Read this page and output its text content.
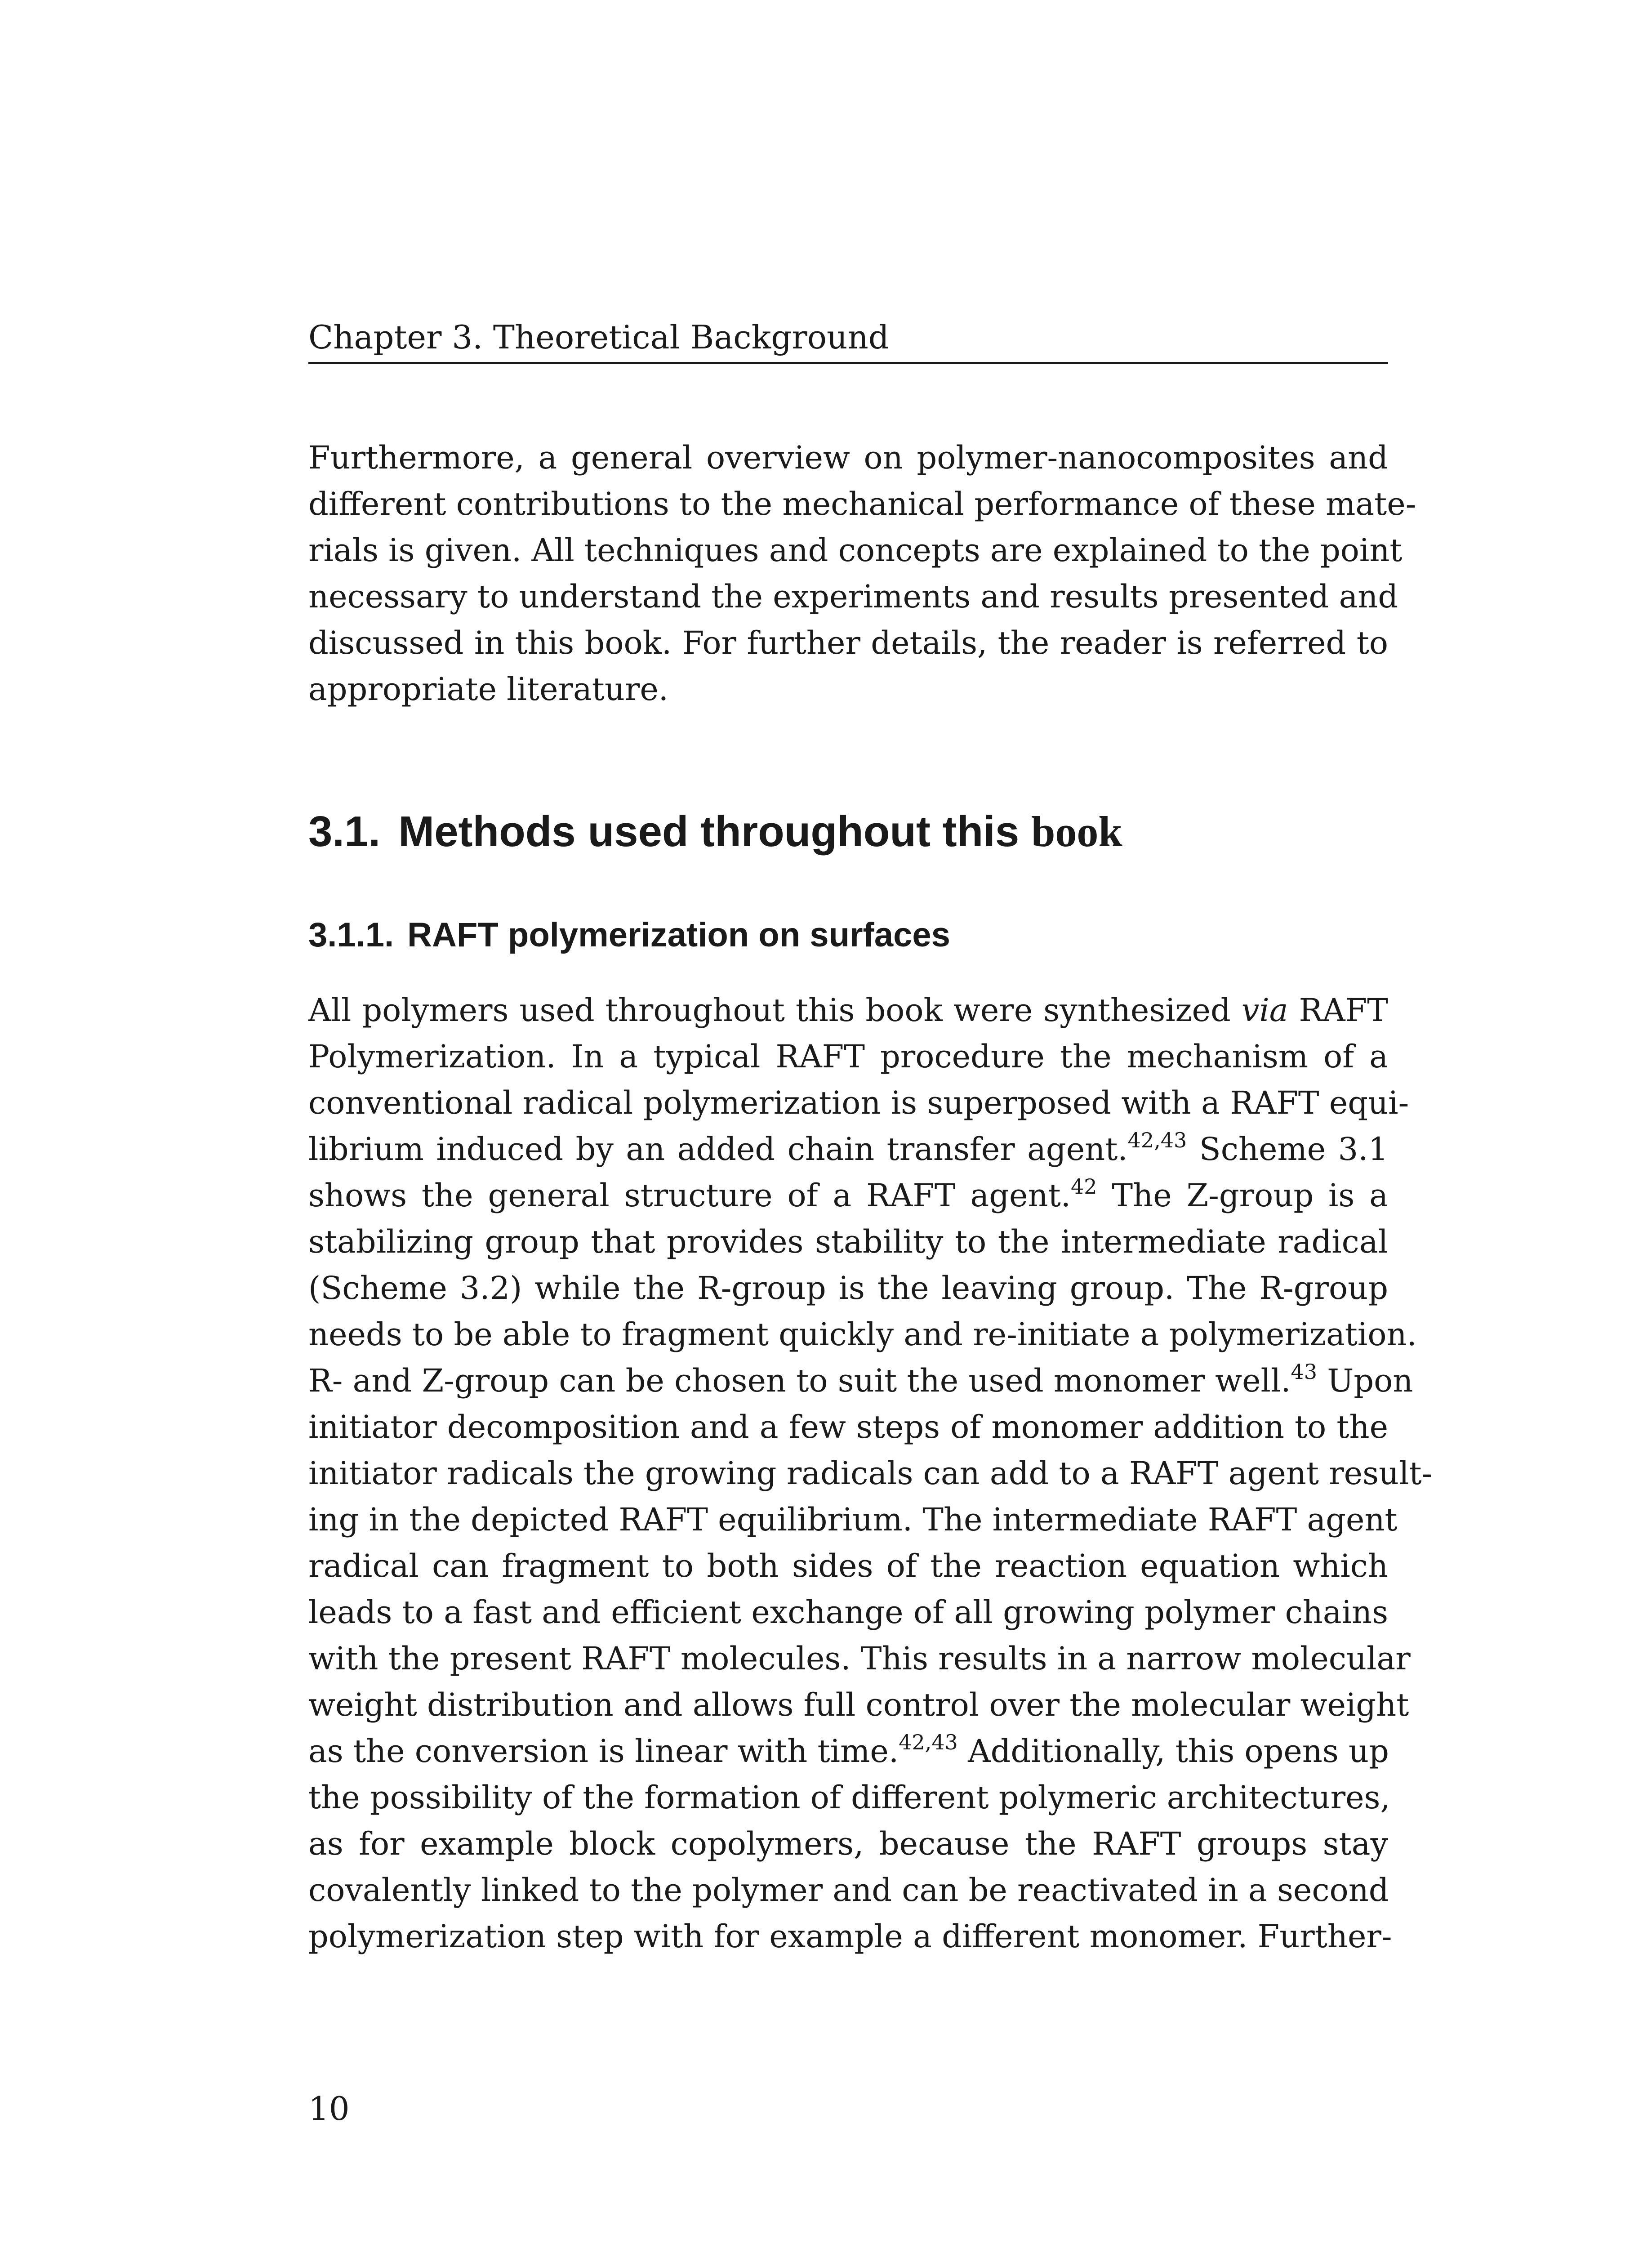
Chapter 3. Theoretical Background

Furthermore, a general overview on polymer-nanocomposites and
different contributions to the mechanical performance of these mate-
rials is given. All techniques and concepts are explained to the point
necessary to understand the experiments and results presented and
discussed in this book. For further details, the reader is referred to
appropriate literature.

3.1. Methods used throughout this book
3.1.1. RAFT polymerization on surfaces

All polymers used throughout this book were synthesized via RAFT
Polymerization. In a typical RAFT procedure the mechanism of a
conventional radical polymerization is superposed with a RAFT equi-
librium induced by an added chain transfer agent.$^{42,43}$ Scheme 3.1
shows the general structure of a RAFT agent.$^{42}$ The Z-group is a
stabilizing group that provides stability to the intermediate radical
(Scheme 3.2) while the R-group is the leaving group. The R-group
needs to be able to fragment quickly and re-initiate a polymerization.
R- and Z-group can be chosen to suit the used monomer well.$^{43}$ Upon
initiator decomposition and a few steps of monomer addition to the
initiator radicals the growing radicals can add to a RAFT agent result-
ing in the depicted RAFT equilibrium. The intermediate RAFT agent
radical can fragment to both sides of the reaction equation which
leads to a fast and efficient exchange of all growing polymer chains
with the present RAFT molecules. This results in a narrow molecular
weight distribution and allows full control over the molecular weight
as the conversion is linear with time.$^{42,43}$ Additionally, this opens up
the possibility of the formation of different polymeric architectures,
as for example block copolymers, because the RAFT groups stay
covalently linked to the polymer and can be reactivated in a second
polymerization step with for example a different monomer. Further-

10
